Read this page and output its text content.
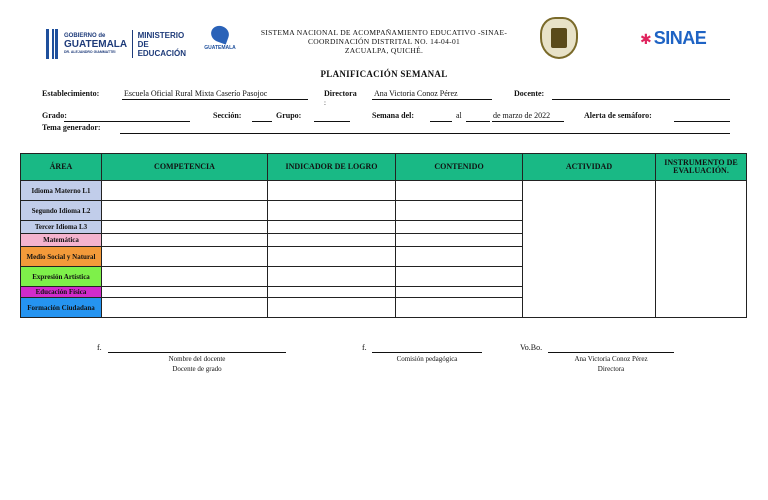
GOBIERNO de
GUATEMALA
DR. ALEJANDRO GIAMMATTEI
MINISTERIO DE EDUCACIÓN
GUATEMALA
SISTEMA NACIONAL DE ACOMPAÑAMIENTO EDUCATIVO -SINAE-
COORDINACIÓN DISTRITAL NO. 14-04-01
ZACUALPA, QUICHÉ.
✱ SINAE
PLANIFICACIÓN SEMANAL
Establecimiento:	Escuela Oficial Rural Mixta Caserío Pasojoc	Directora Ana Victoria Conoz Pérez
:
Docente:
Grado:	Sección:	Grupo:	Semana del:	al	de marzo de 2022	Alerta de semáforo:
Tema generador:
ÁREA	COMPETENCIA	INDICADOR DE LOGRO	CONTENIDO	ACTIVIDAD	INSTRUMENTO DE EVALUACIÓN.
Idioma Materno L1					
Segundo Idioma L2					
Tercer Idioma L3					
Matemática					
Medio Social y Natural					
Expresión Artística					
Educación Física					
Formación Ciudadana					
f.
Nombre del docente
Docente de grado
f.
Comisión pedagógica
Vo.Bo.
Ana Victoria Conoz Pérez
Directora
